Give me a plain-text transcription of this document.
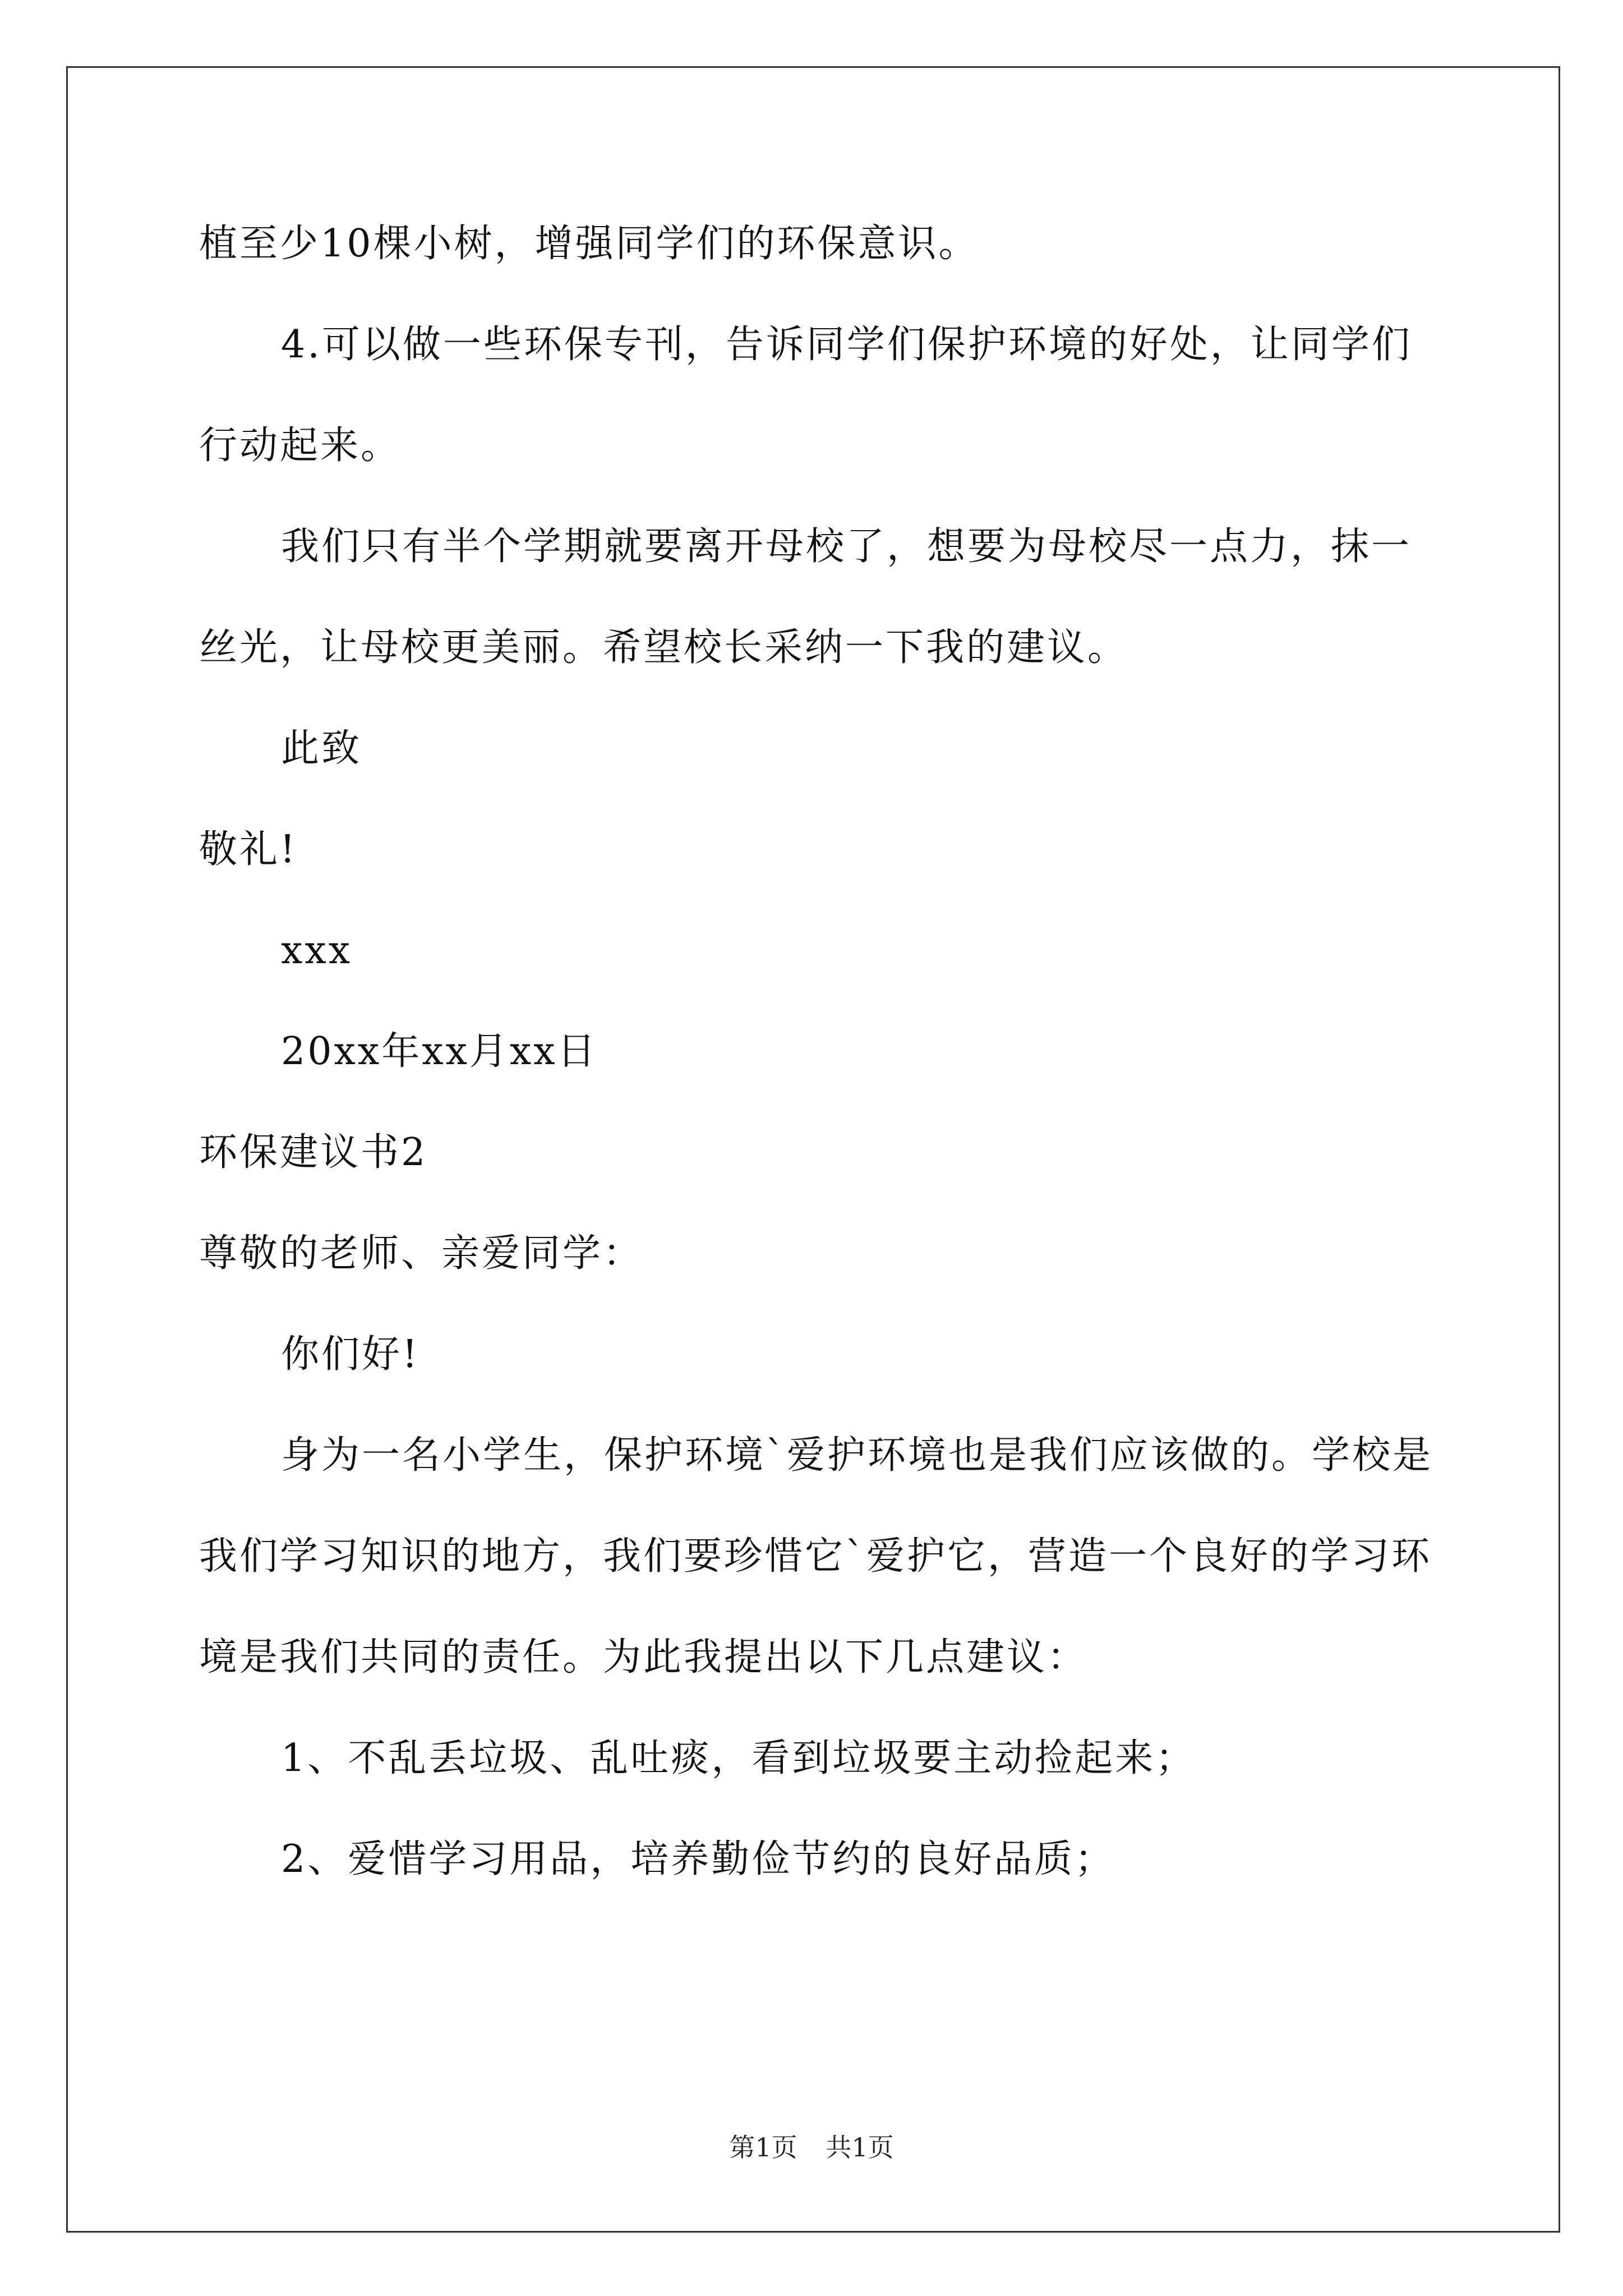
植至少10棵小树，增强同学们的环保意识。
4.可以做一些环保专刊，告诉同学们保护环境的好处，让同学们
行动起来。
我们只有半个学期就要离开母校了，想要为母校尽一点力，抹一
丝光，让母校更美丽。希望校长采纳一下我的建议。
此致
敬礼!
xxx
20xx年xx月xx日
环保建议书2
尊敬的老师、亲爱同学：
你们好!
身为一名小学生，保护环境`爱护环境也是我们应该做的。学校是
我们学习知识的地方，我们要珍惜它`爱护它，营造一个良好的学习环
境是我们共同的责任。为此我提出以下几点建议：
1、不乱丢垃圾、乱吐痰，看到垃圾要主动捡起来；
2、爱惜学习用品，培养勤俭节约的良好品质；
第1页 共1页
